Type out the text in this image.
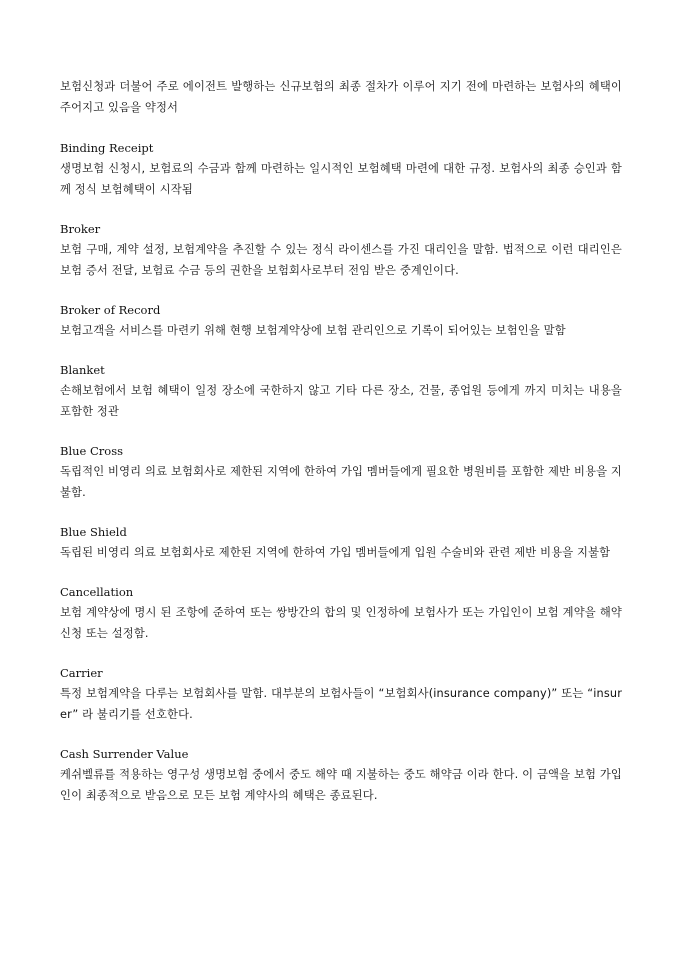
보험신청과 더불어 주로 에이전트 발행하는 신규보험의 최종 절차가 이루어 지기 전에 마련하는 보험사의 혜택이 주어지고 있음을 약정서

Binding Receipt

생명보험 신청시, 보험료의 수금과 함께 마련하는 일시적인 보험혜택 마련에 대한 규정. 보험사의 최종 승인과 함께 정식 보험혜택이 시작됨

Broker

보험 구매, 계약 설정, 보험계약을 추진할 수 있는 정식 라이센스를 가진 대리인을 말함. 법적으로 이런 대리인은 보험 증서 전달, 보험료 수금 등의 권한을 보험회사로부터 전임 받은 중계인이다.

Broker of Record

보험고객을 서비스를 마련키 위해 현행 보험계약상에 보험 관리인으로 기록이 되어있는 보험인을 말함

Blanket

손해보험에서 보험 혜택이 일정 장소에 국한하지 않고 기타 다른 장소, 건물, 종업원 등에게 까지 미치는 내용을 포함한 정관

Blue Cross

독립적인 비영리 의료 보험회사로 제한된 지역에 한하여 가입 멤버들에게 필요한 병원비를 포함한 제반 비용을 지불함.

Blue Shield

독립된 비영리 의료 보험회사로 제한된 지역에 한하여 가입 멤버들에게 입원 수술비와 관련 제반 비용을 지불함

Cancellation

보험 계약상에 명시 된 조항에 준하여 또는 쌍방간의 합의 및 인정하에 보험사가 또는 가입인이 보험 계약을 해약 신청 또는 설정함.

Carrier

특정 보험계약을 다루는 보험회사를 말함. 대부분의 보험사들이 “보험회사(insurance company)” 또는 “insurer” 라 불리기를 선호한다.

Cash Surrender Value

케쉬벨류를 적용하는 영구성 생명보험 중에서 중도 해약 때 지불하는 중도 해약금 이라 한다. 이 금액을 보험 가입인이 최종적으로 받음으로 모든 보험 계약사의 혜택은 종료된다.
